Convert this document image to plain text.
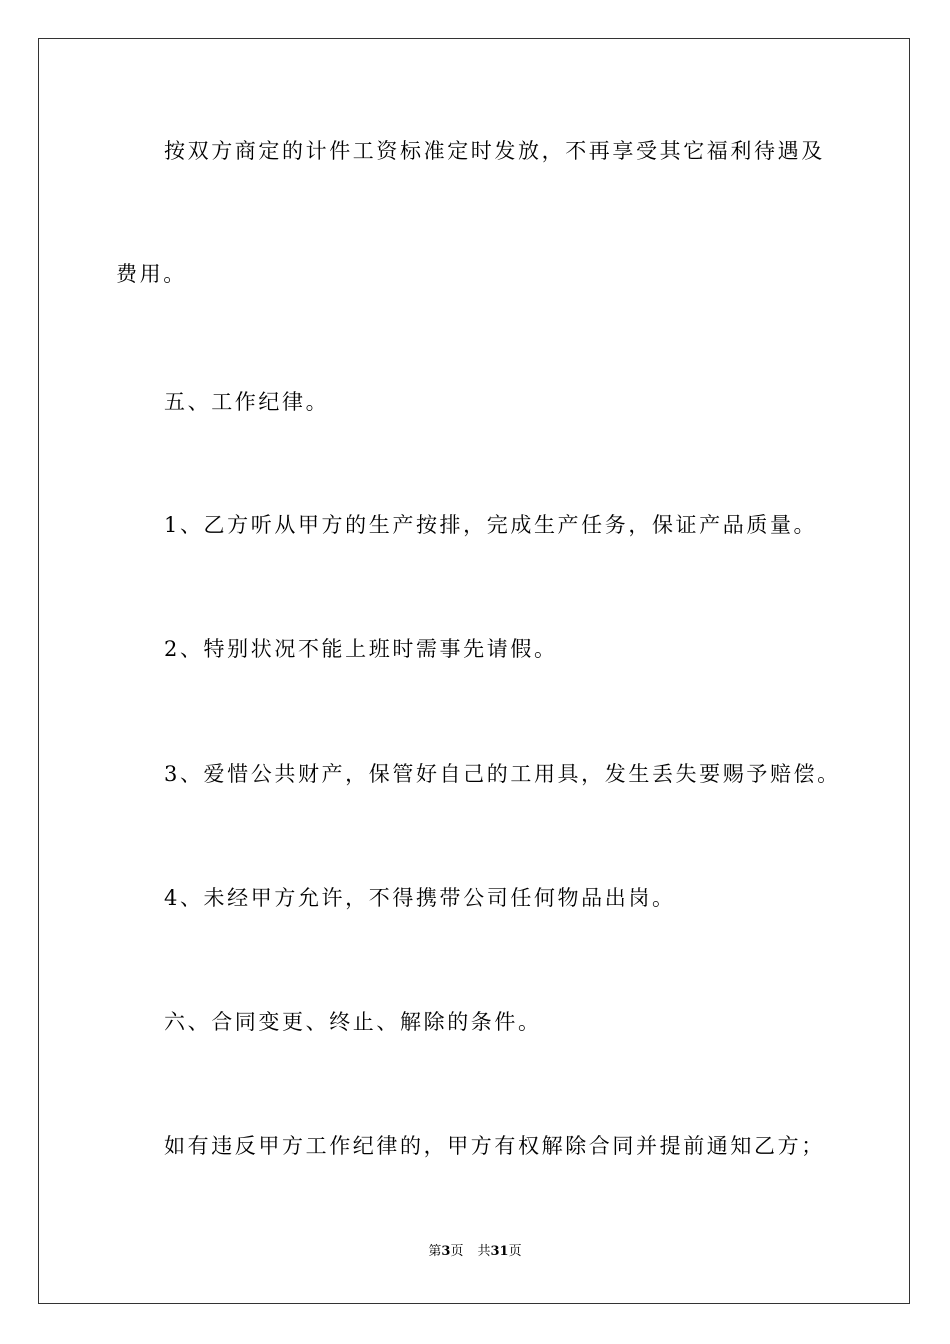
按双方商定的计件工资标准定时发放，不再享受其它福利待遇及
费用。
五、工作纪律。
1、乙方听从甲方的生产按排，完成生产任务，保证产品质量。
2、特别状况不能上班时需事先请假。
3、爱惜公共财产，保管好自己的工用具，发生丢失要赐予赔偿。
4、未经甲方允许，不得携带公司任何物品出岗。
六、合同变更、终止、解除的条件。
如有违反甲方工作纪律的，甲方有权解除合同并提前通知乙方；
第3页 共31页
